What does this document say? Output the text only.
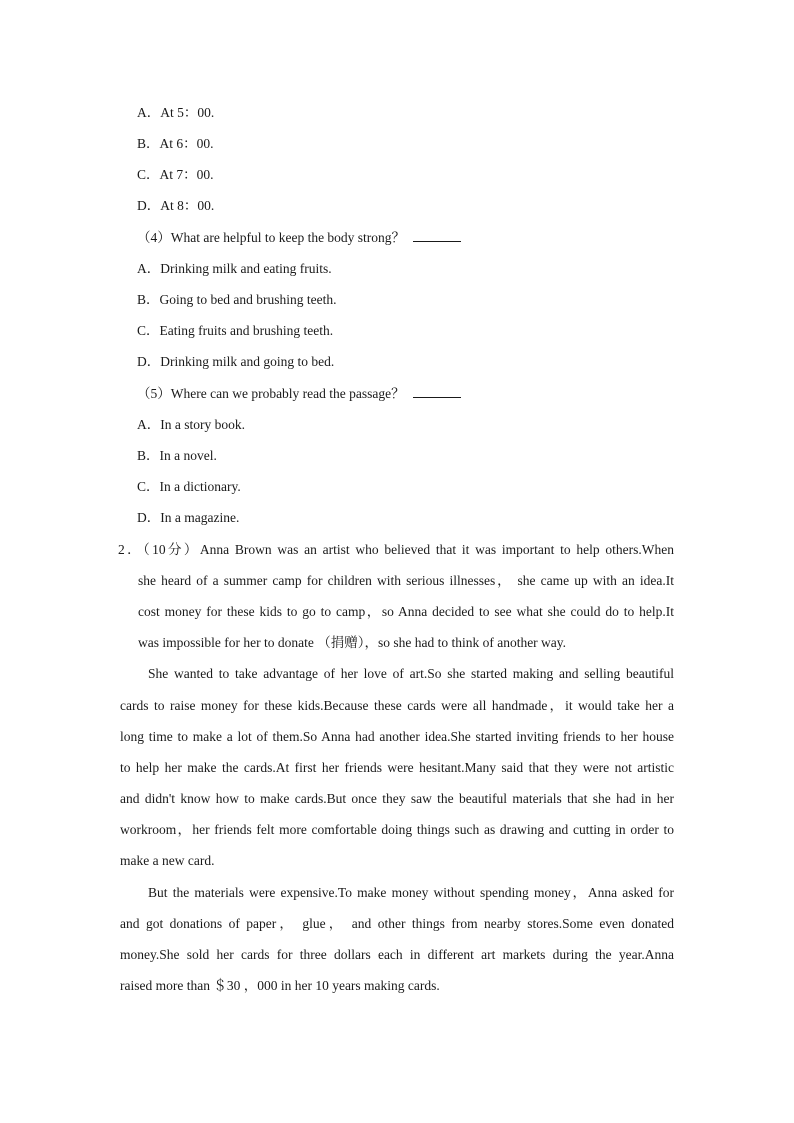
A．At 5：00.
B．At 6：00.
C．At 7：00.
D．At 8：00.
（4）What are helpful to keep the body strong？
A．Drinking milk and eating fruits.
B．Going to bed and brushing teeth.
C．Eating fruits and brushing teeth.
D．Drinking milk and going to bed.
（5）Where can we probably read the passage？
A．In a story book.
B．In a novel.
C．In a dictionary.
D．In a magazine.
2．（10分）Anna Brown was an artist who believed that it was important to help others.When
she heard of a summer camp for children with serious illnesses， she came up with an idea.It
cost money for these kids to go to camp，so Anna decided to see what she could do to help.It
was impossible for her to donate （捐赠），so she had to think of another way.
She wanted to take advantage of her love of art.So she started making and selling beautiful
cards to raise money for these kids.Because these cards were all handmade，it would take her a
long time to make a lot of them.So Anna had another idea.She started inviting friends to her house
to help her make the cards.At first her friends were hesitant.Many said that they were not artistic
and didn't know how to make cards.But once they saw the beautiful materials that she had in her
workroom，her friends felt more comfortable doing things such as drawing and cutting in order to
make a new card.
But the materials were expensive.To make money without spending money，Anna asked for
and got donations of paper， glue， and other things from nearby stores.Some even donated
money.She sold her cards for three dollars each in different art markets during the year.Anna
raised more than ＄30 ，000 in her 10 years making cards.
